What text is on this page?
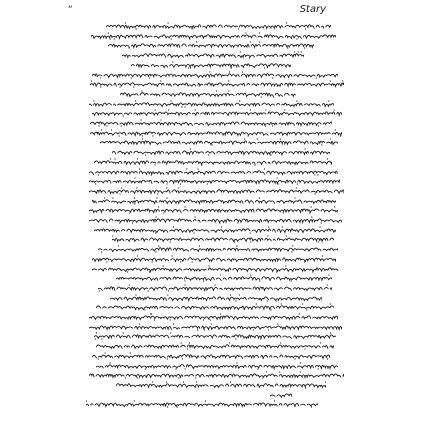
“	Stary
